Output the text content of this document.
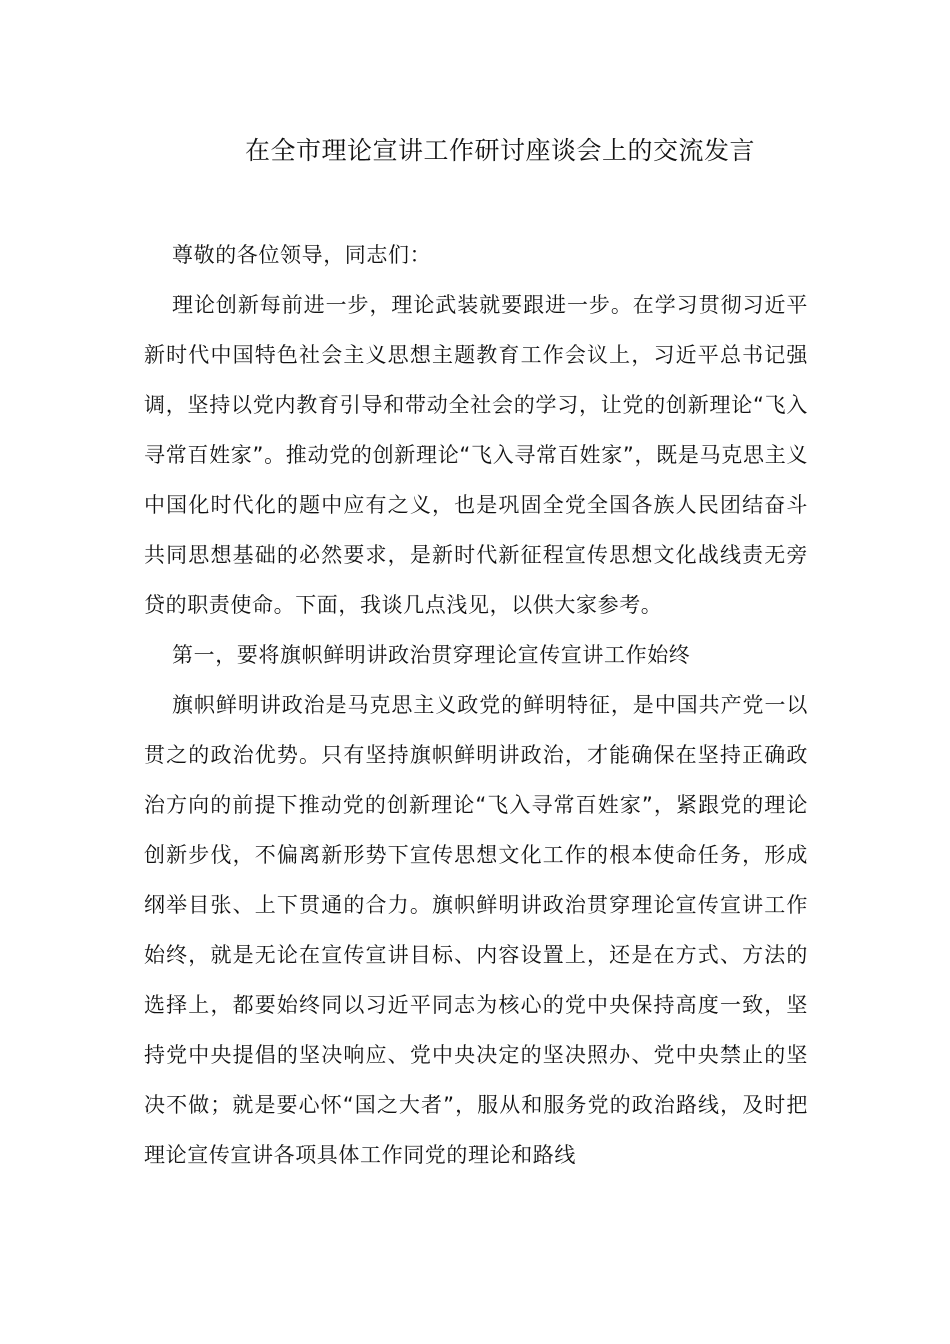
在全市理论宣讲工作研讨座谈会上的交流发言

尊敬的各位领导，同志们：

理论创新每前进一步，理论武装就要跟进一步。在学习贯彻习近平新时代中国特色社会主义思想主题教育工作会议上，习近平总书记强调，坚持以党内教育引导和带动全社会的学习，让党的创新理论“飞入寻常百姓家”。推动党的创新理论“飞入寻常百姓家”，既是马克思主义中国化时代化的题中应有之义，也是巩固全党全国各族人民团结奋斗共同思想基础的必然要求，是新时代新征程宣传思想文化战线责无旁贷的职责使命。下面，我谈几点浅见，以供大家参考。

第一，要将旗帜鲜明讲政治贯穿理论宣传宣讲工作始终

旗帜鲜明讲政治是马克思主义政党的鲜明特征，是中国共产党一以贯之的政治优势。只有坚持旗帜鲜明讲政治，才能确保在坚持正确政治方向的前提下推动党的创新理论“飞入寻常百姓家”，紧跟党的理论创新步伐，不偏离新形势下宣传思想文化工作的根本使命任务，形成纲举目张、上下贯通的合力。旗帜鲜明讲政治贯穿理论宣传宣讲工作始终，就是无论在宣传宣讲目标、内容设置上，还是在方式、方法的选择上，都要始终同以习近平同志为核心的党中央保持高度一致，坚持党中央提倡的坚决响应、党中央决定的坚决照办、党中央禁止的坚决不做；就是要心怀“国之大者”，服从和服务党的政治路线，及时把理论宣传宣讲各项具体工作同党的理论和路线
